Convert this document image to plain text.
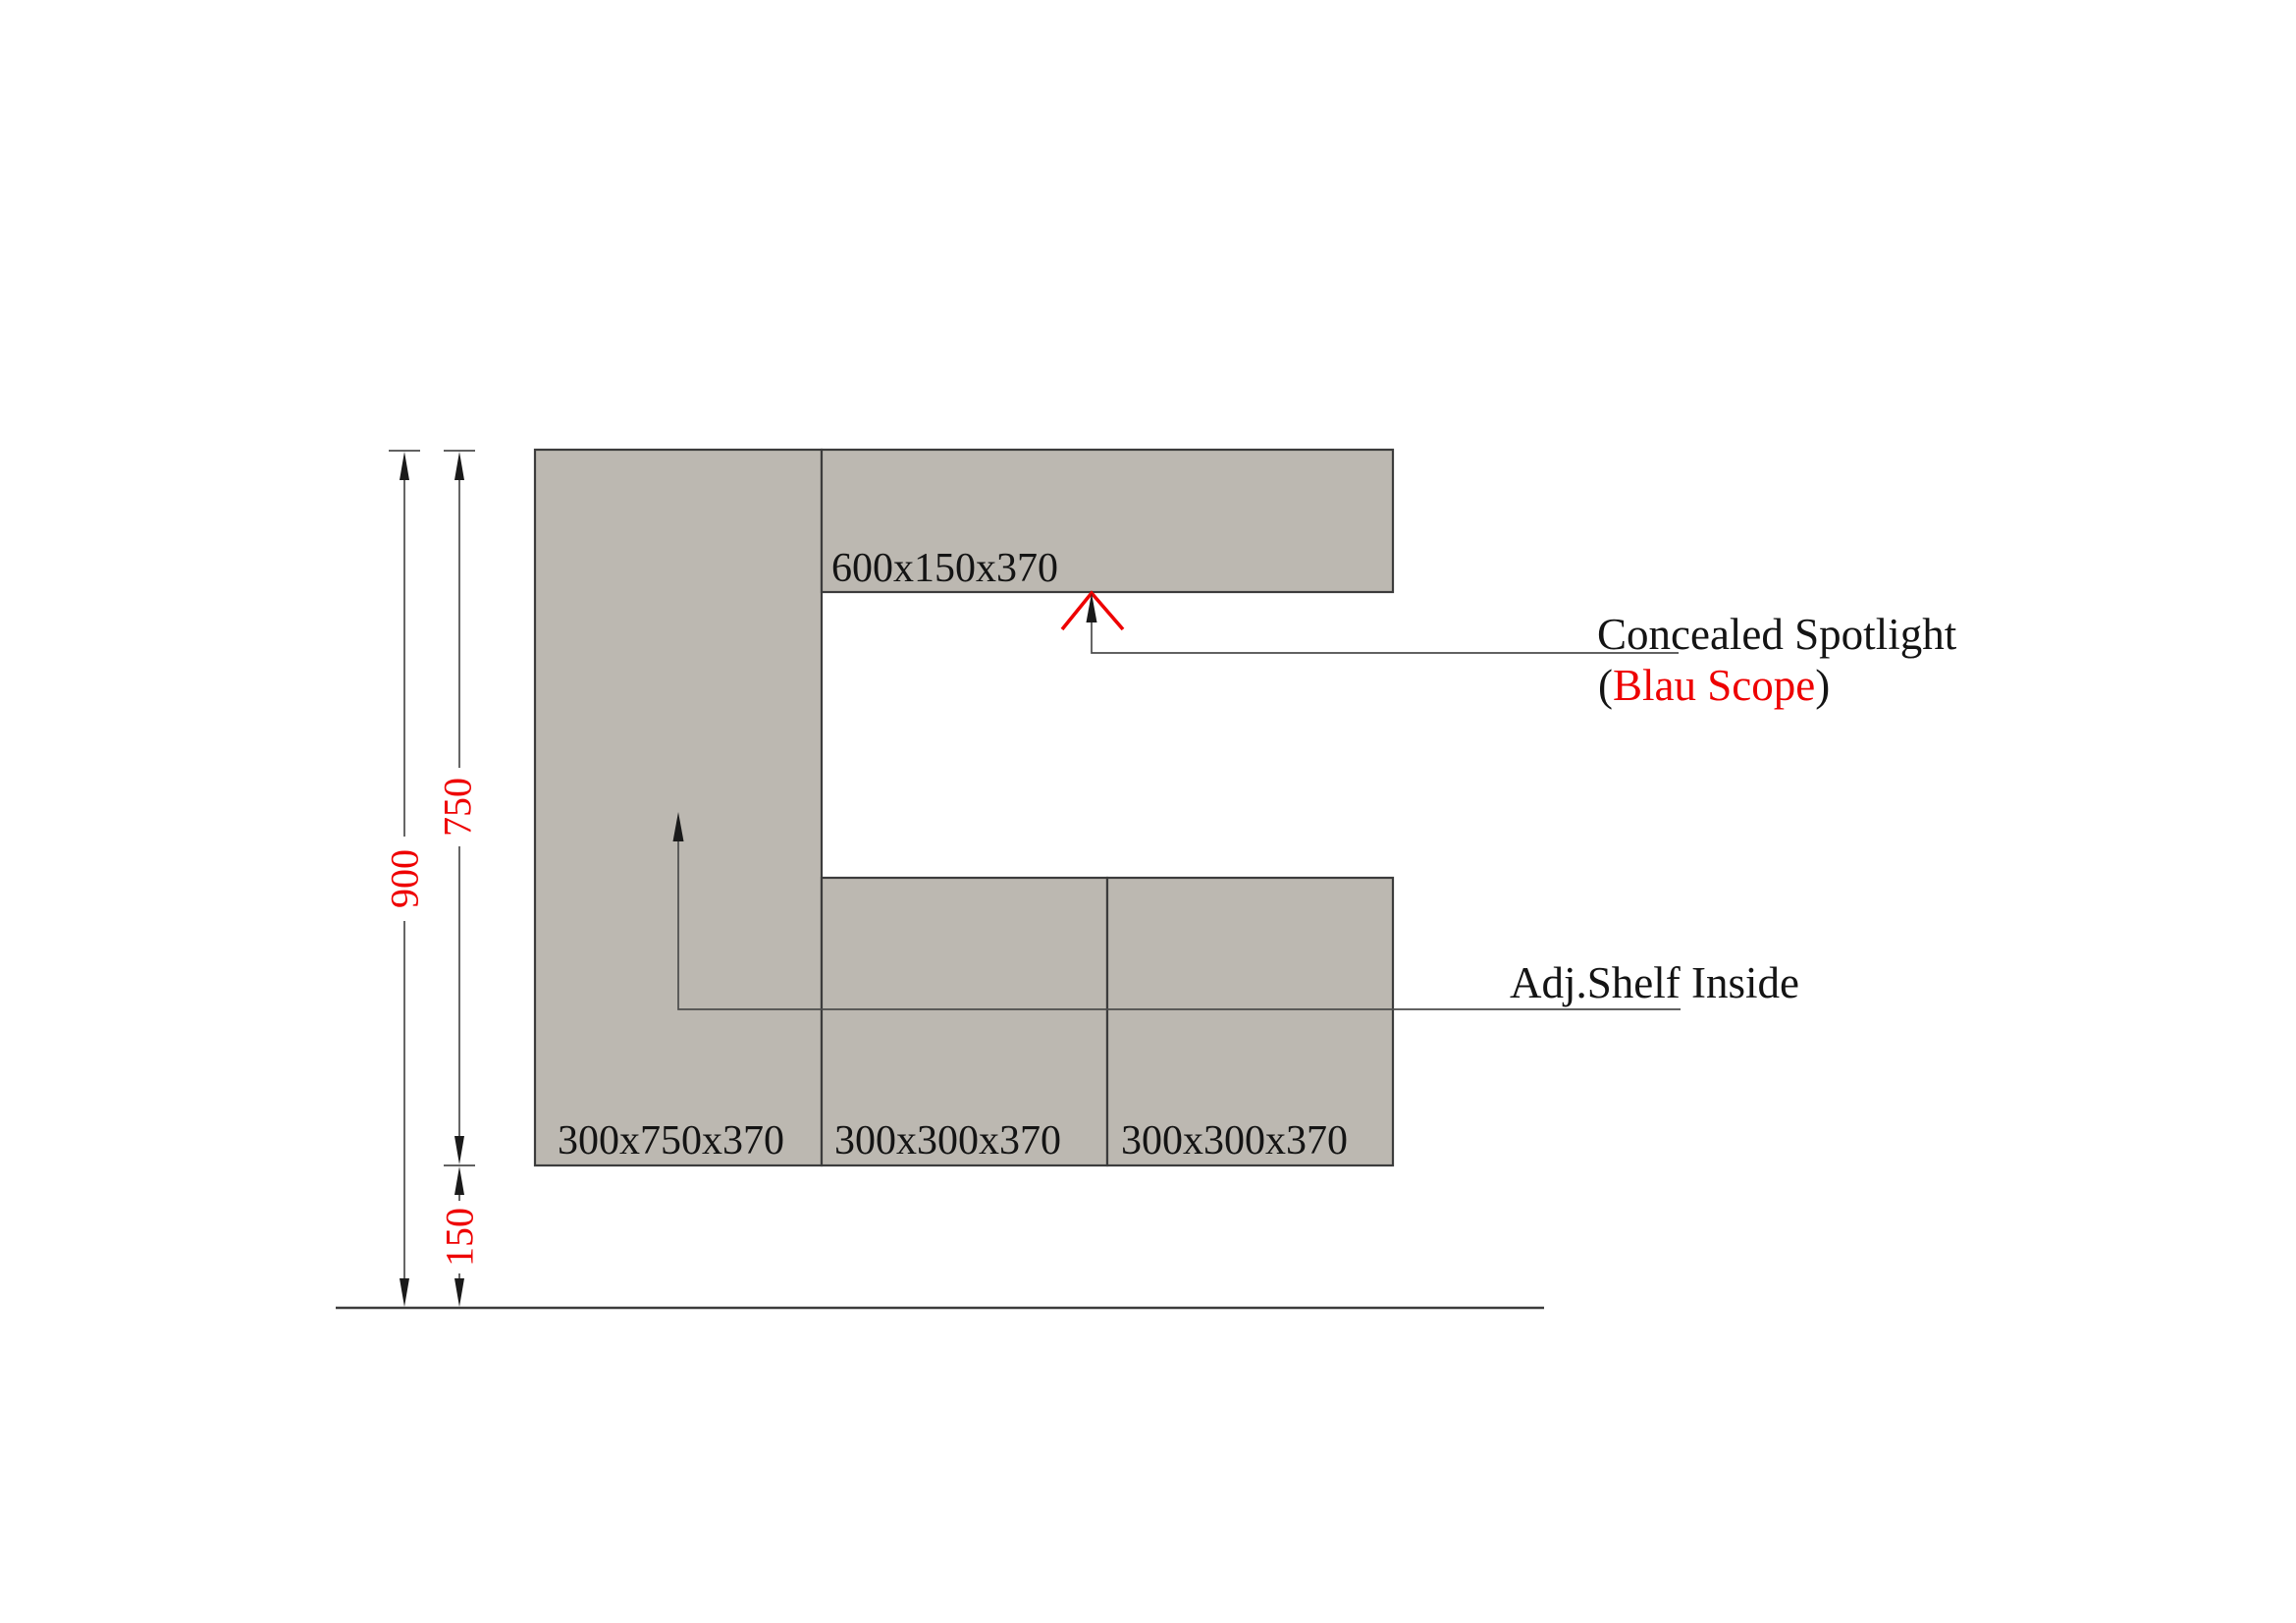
600x150x370
300x750x370 300x300x370 300x300x370
900
750
150
Concealed Spotlight
(Blau Scope)
Adj.Shelf Inside
